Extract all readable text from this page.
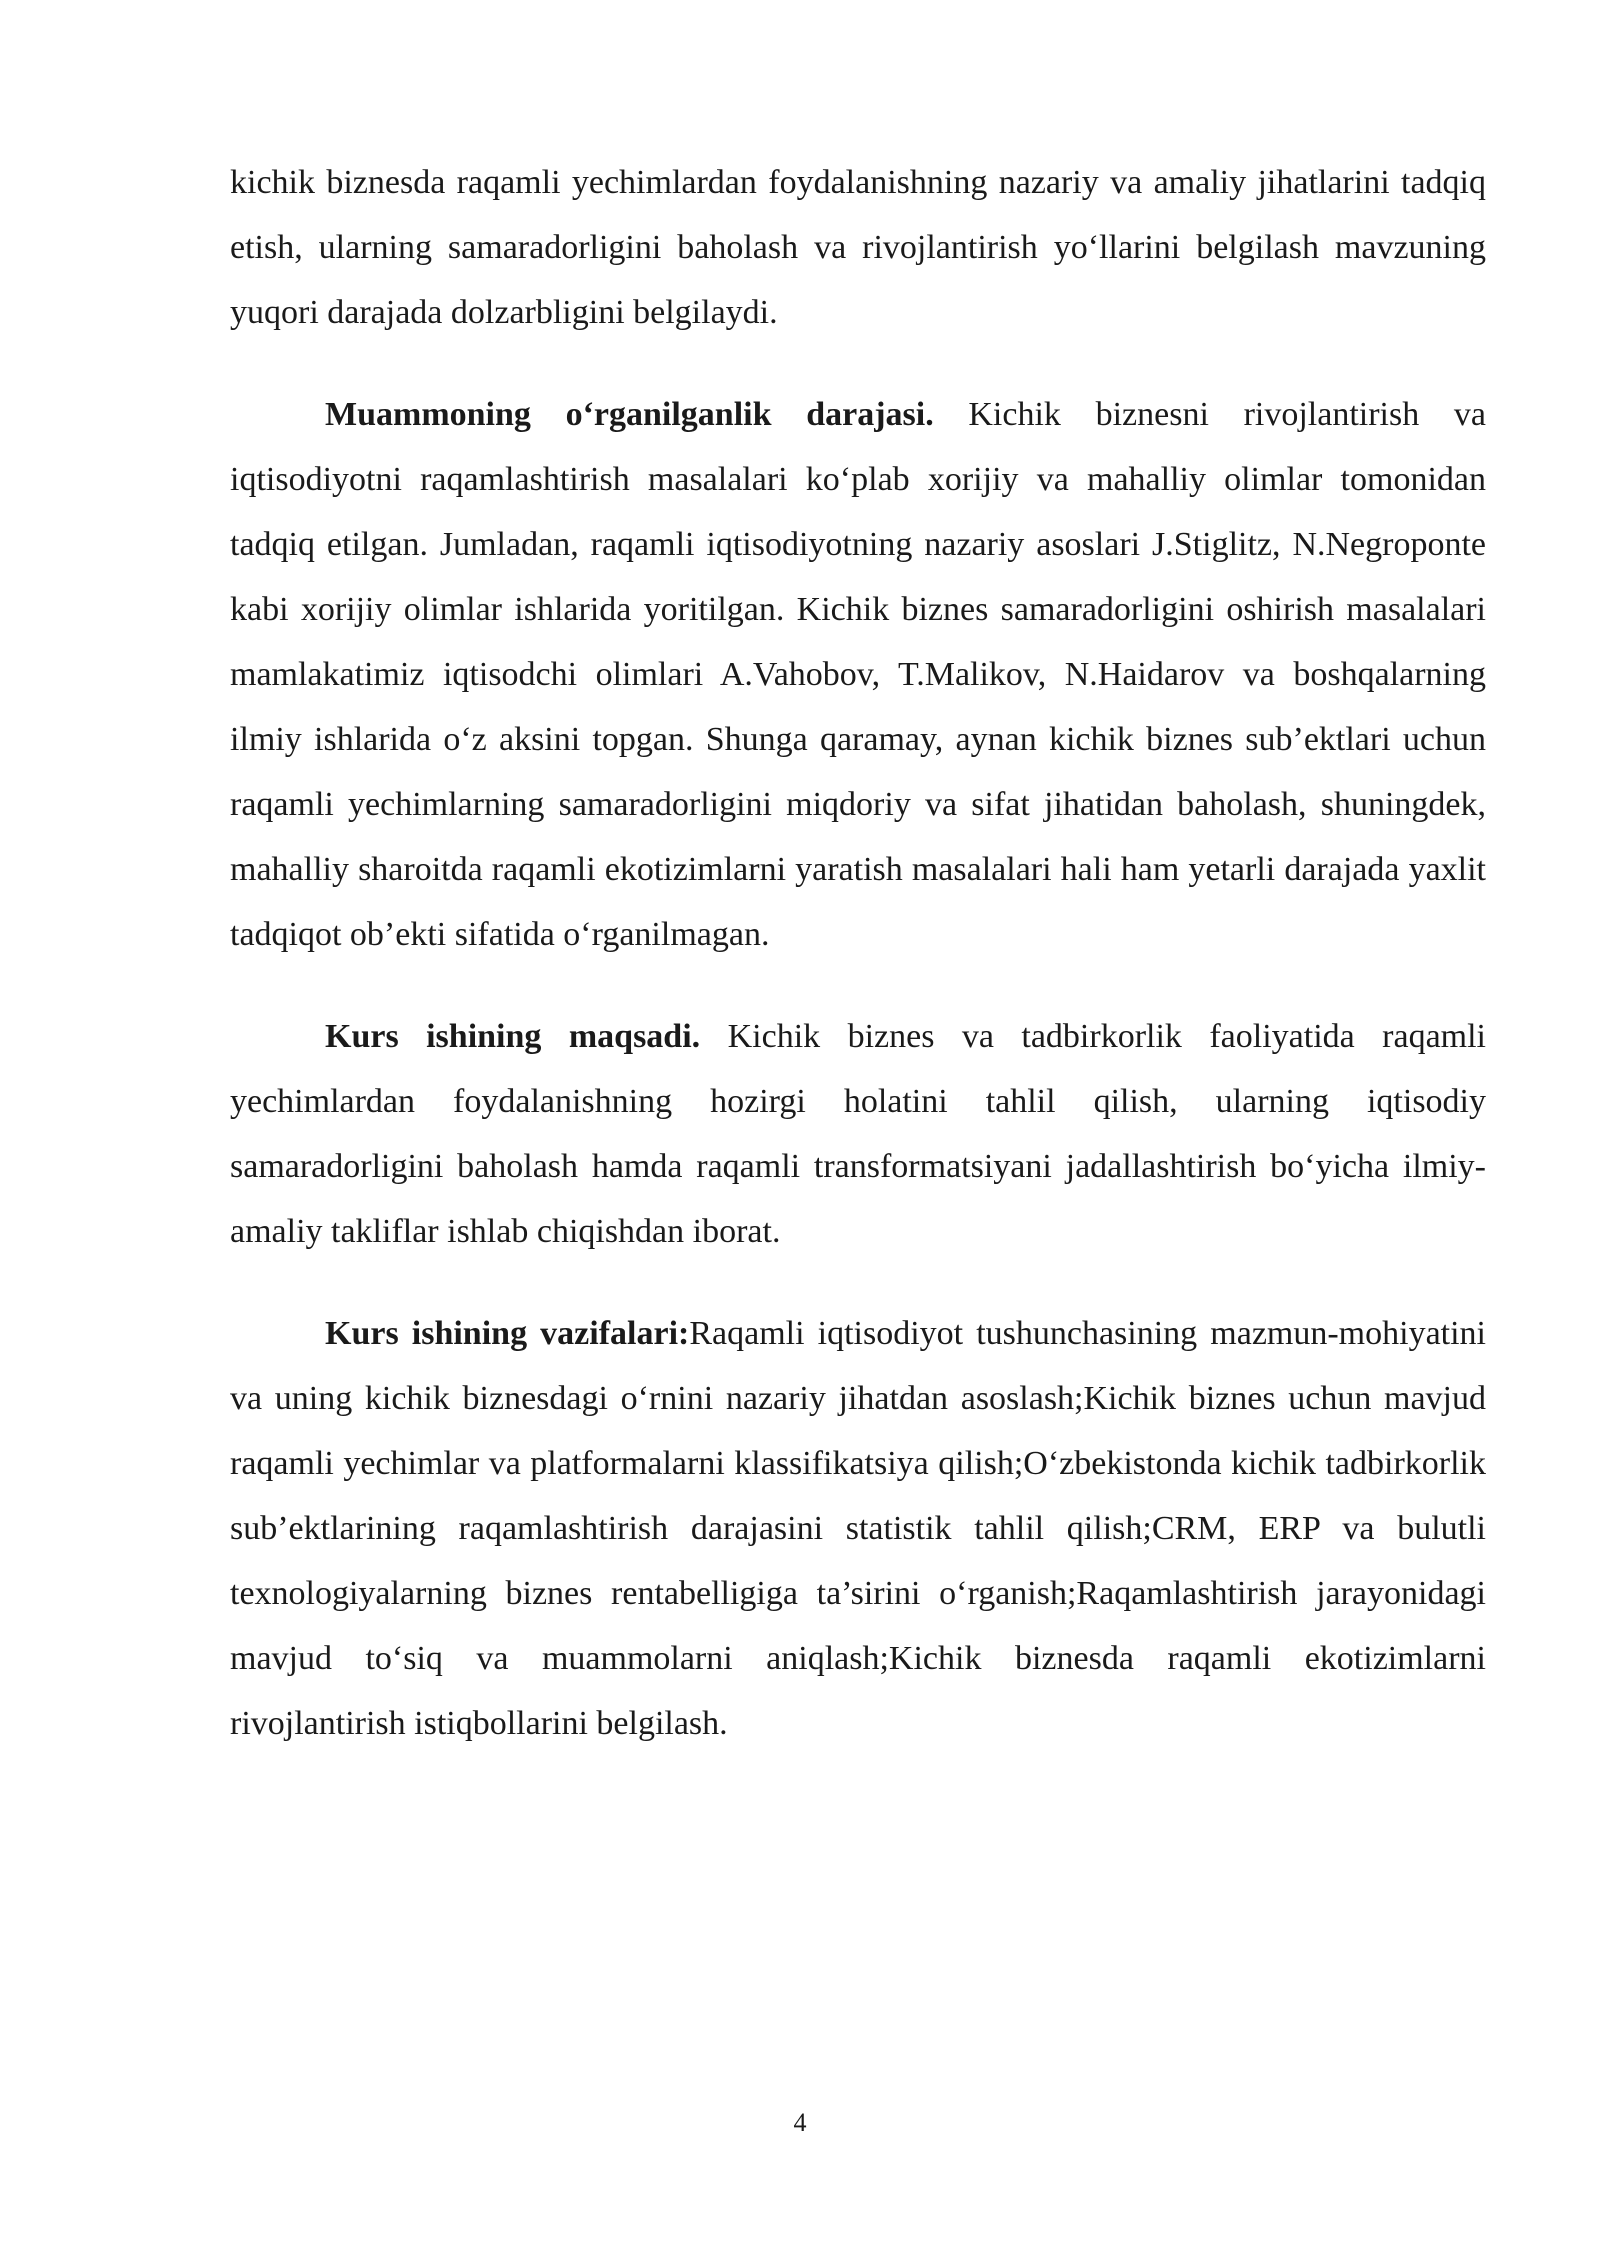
kichik biznesda raqamli yechimlardan foydalanishning nazariy va amaliy jihatlarini tadqiq etish, ularning samaradorligini baholash va rivojlantirish yo‘llarini belgilash mavzuning yuqori darajada dolzarbligini belgilaydi.

Muammoning o‘rganilganlik darajasi. Kichik biznesni rivojlantirish va iqtisodiyotni raqamlashtirish masalalari ko‘plab xorijiy va mahalliy olimlar tomonidan tadqiq etilgan. Jumladan, raqamli iqtisodiyotning nazariy asoslari J.Stiglitz, N.Negroponte kabi xorijiy olimlar ishlarida yoritilgan. Kichik biznes samaradorligini oshirish masalalari mamlakatimiz iqtisodchi olimlari A.Vahobov, T.Malikov, N.Haidarov va boshqalarning ilmiy ishlarida o‘z aksini topgan. Shunga qaramay, aynan kichik biznes sub’ektlari uchun raqamli yechimlarning samaradorligini miqdoriy va sifat jihatidan baholash, shuningdek, mahalliy sharoitda raqamli ekotizimlarni yaratish masalalari hali ham yetarli darajada yaxlit tadqiqot ob’ekti sifatida o‘rganilmagan.

Kurs ishining maqsadi. Kichik biznes va tadbirkorlik faoliyatida raqamli yechimlardan foydalanishning hozirgi holatini tahlil qilish, ularning iqtisodiy samaradorligini baholash hamda raqamli transformatsiyani jadallashtirish bo‘yicha ilmiy-amaliy takliflar ishlab chiqishdan iborat.

Kurs ishining vazifalari:Raqamli iqtisodiyot tushunchasining mazmun-mohiyatini va uning kichik biznesdagi o‘rnini nazariy jihatdan asoslash;Kichik biznes uchun mavjud raqamli yechimlar va platformalarni klassifikatsiya qilish;O‘zbekistonda kichik tadbirkorlik sub’ektlarining raqamlashtirish darajasini statistik tahlil qilish;CRM, ERP va bulutli texnologiyalarning biznes rentabelligiga ta’sirini o‘rganish;Raqamlashtirish jarayonidagi mavjud to‘siq va muammolarni aniqlash;Kichik biznesda raqamli ekotizimlarni rivojlantirish istiqbollarini belgilash.

4
